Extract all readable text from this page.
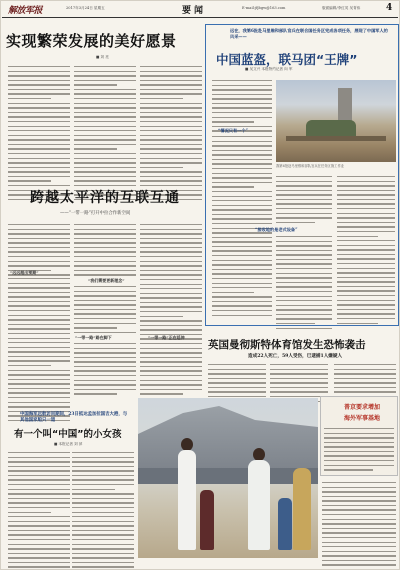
解放军报	2017年3月24日 星期五	要闻	E-mail:jfjbgw@163.com	版面编辑/李红英 吴青伟	4
实现繁荣发展的美好愿景
■ 刘 亮
远在，我第6批赴马里维和部队官兵在联合国任务区完成各项任务，展现了中国军人的风采——
中国蓝盔，联马团“王牌”
■ 吴文兴 本报特约记者 向 军
“情况只有一个”
我第6批赴马里维和部队官兵在任务区施工作业
“接收地的是老式设备”
跨越太平洋的互联互通
——“一带一路”打开中拉合作新空间
“远远超出预期”
“我们需要更新理念”
“一带一路”路在脚下	“一带一路”正在延伸
英国曼彻斯特体育馆发生恐怖袭击
造成22人死亡，59人受伤，已逮捕1人嫌疑人
普京要求增加
海外军事基地
中国海军远航访问期间，23日抵达孟加拉国吉大港，与其他国家船只一道
有一个叫“中国”的小女孩
■ 本报记者 刘 萍
